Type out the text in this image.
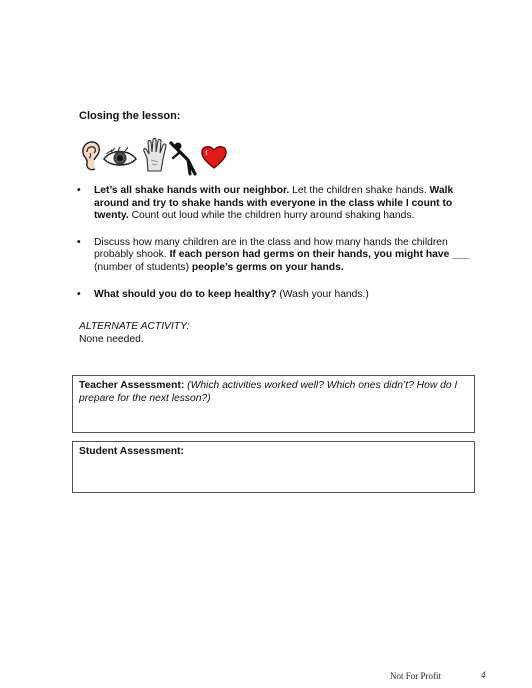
Closing the lesson:
• Let’s all shake hands with our neighbor. Let the children shake hands. Walk around and try to shake hands with everyone in the class while I count to twenty. Count out loud while the children hurry around shaking hands.
• Discuss how many children are in the class and how many hands the children probably shook. If each person had germs on their hands, you might have ___ (number of students) people’s germs on your hands.
• What should you do to keep healthy? (Wash your hands.)
ALTERNATE ACTIVITY:
None needed.
Teacher Assessment: (Which activities worked well? Which ones didn’t? How do I prepare for the next lesson?)
Student Assessment:
Not For Profit	4
